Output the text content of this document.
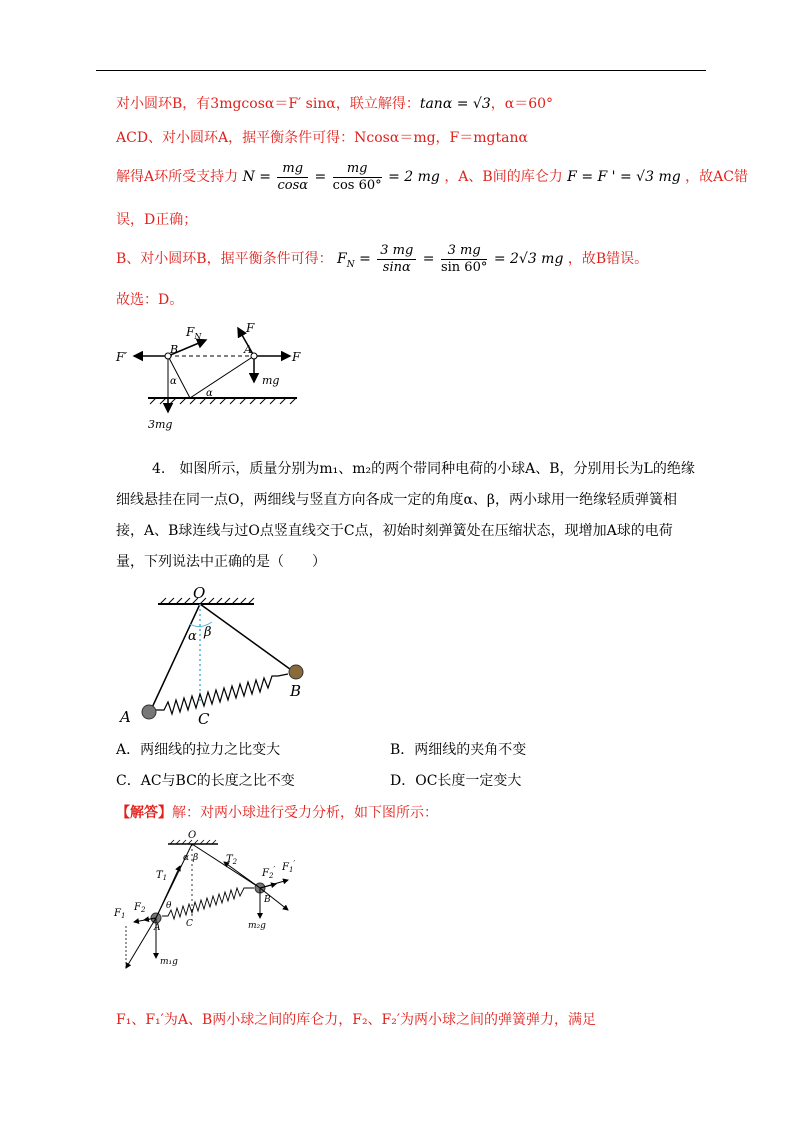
对小圆环B，有3mgcosα＝F′ sinα，联立解得：tanα = √3，α＝60°
ACD、对小圆环A，据平衡条件可得：Ncosα＝mg，F＝mgtanα
解得A环所受支持力 $N = \frac{mg}{\cos\alpha} = \frac{mg}{\cos 60^\circ} = 2$ mg ，A、B间的库仑力 F = F ' = √3 mg ，故AC错
误，D正确；
B、对小圆环B，据平衡条件可得： $F_N = \frac{3 mg}{\sin\alpha} = \frac{3 mg}{\sin 60^\circ} = 2√3$ mg ，故B错误。
故选：D。
$F_N$
F
F′
B	A
F
α
α
mg
3mg
4.　如图所示，质量分别为m₁、m₂的两个带同种电荷的小球A、B，分别用长为L的绝缘
细线悬挂在同一点O，两细线与竖直方向各成一定的角度α、β，两小球用一绝缘轻质弹簧相
接，A、B球连线与过O点竖直线交于C点，初始时刻弹簧处在压缩状态，现增加A球的电荷
量，下列说法中正确的是（　　）
O
α β
A
B
C
A．两细线的拉力之比变大	B．两细线的夹角不变
C．AC与BC的长度之比不变	D．OC长度一定变大
【解答】解：对两小球进行受力分析，如下图所示：
O
α β
$T_1$
$T_2$
$F_1$
$F_2$
$F_2'$ $F_1'$
θ
A
B
C
m₁g
m₂g
F₁、F₁′为A、B两小球之间的库仑力，F₂、F₂′为两小球之间的弹簧弹力，满足
